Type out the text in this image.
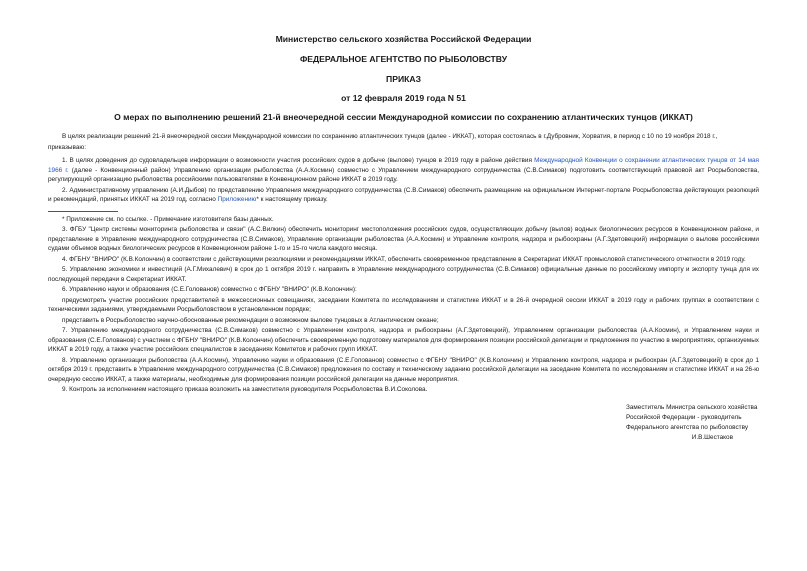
Министерство сельского хозяйства Российской Федерации
ФЕДЕРАЛЬНОЕ АГЕНТСТВО ПО РЫБОЛОВСТВУ
ПРИКАЗ
от 12 февраля 2019 года N 51
О мерах по выполнению решений 21-й внеочередной сессии Международной комиссии по сохранению атлантических тунцов (ИККАТ)

В целях реализации решений 21-й внеочередной сессии Международной комиссии по сохранению атлантических тунцов (далее - ИККАТ), которая состоялась в г.Дубровник, Хорватия, в период с 10 по 19 ноября 2018 г.,

приказываю:

1. В целях доведения до судовладельцев информации о возможности участия российских судов в добыче (вылове) тунцов в 2019 году в районе действия Международной Конвенции о сохранении атлантических тунцов от 14 мая 1966 г. (далее - Конвенционный район) Управлению организации рыболовства (А.А.Космин) совместно с Управлением международного сотрудничества (С.В.Симаков) подготовить соответствующий правовой акт Росрыболовства, регулирующий организацию рыболовства российскими пользователями в Конвенционном районе ИККАТ в 2019 году.

2. Административному управлению (А.И.Дыбов) по представлению Управления международного сотрудничества (С.В.Симаков) обеспечить размещение на официальном Интернет-портале Росрыболовства действующих резолюций и рекомендаций, принятых ИККАТ на 2019 год, согласно Приложению* к настоящему приказу.

* Приложение см. по ссылке. - Примечание изготовителя базы данных.

3. ФГБУ "Центр системы мониторинга рыболовства и связи" (А.С.Вилкин) обеспечить мониторинг местоположения российских судов, осуществляющих добычу (вылов) водных биологических ресурсов в Конвенционном районе, и представление в Управление международного сотрудничества (С.В.Симаков), Управление организации рыболовства (А.А.Космин) и Управление контроля, надзора и рыбоохраны (А.Г.Здетовецкий) информации о вылове российскими судами объемов водных биологических ресурсов в Конвенционном районе 1-го и 15-го числа каждого месяца.

4. ФГБНУ "ВНИРО" (К.В.Колончин) в соответствии с действующими резолюциями и рекомендациями ИККАТ, обеспечить своевременное представление в Секретариат ИККАТ промысловой статистического отчетности в 2019 году.

5. Управлению экономики и инвестиций (А.Г.Михалевич) в срок до 1 октября 2019 г. направить в Управление международного сотрудничества (С.В.Симаков) официальные данные по российскому импорту и экспорту тунца для их последующей передачи в Секретариат ИККАТ.

6. Управлению науки и образования (С.Е.Голованов) совместно с ФГБНУ "ВНИРО" (К.В.Колончин):

предусмотреть участие российских представителей в межсессионных совещаниях, заседании Комитета по исследованиям и статистике ИККАТ и в 26-й очередной сессии ИККАТ в 2019 году и рабочих группах в соответствии с техническими заданиями, утверждаемыми Росрыболовством в установленном порядке;

представить в Росрыболовство научно-обоснованные рекомендации о возможном вылове тунцовых в Атлантическом океане;

7. Управлению международного сотрудничества (С.В.Симаков) совместно с Управлением контроля, надзора и рыбоохраны (А.Г.Здетовецкий), Управлением организации рыболовства (А.А.Космин), и Управлением науки и образования (С.Е.Голованов) с участием с ФГБНУ "ВНИРО" (К.В.Колончин) обеспечить своевременную подготовку материалов для формирования позиции российской делегации и предложения по участию в мероприятиях, организуемых ИККАТ в 2019 году, а также участие российских специалистов в заседаниях Комитетов и рабочих групп ИККАТ.

8. Управлению организации рыболовства (А.А.Космин), Управлению науки и образования (С.Е.Голованов) совместно с ФГБНУ "ВНИРО" (К.В.Колончин) и Управлению контроля, надзора и рыбоохран (А.Г.Здетовецкий) в срок до 1 октября 2019 г. представить в Управление международного сотрудничества (С.В.Симаков) предложения по составу и техническому заданию российской делегации на заседание Комитета по исследованиям и статистике ИККАТ и на 26-ю очередную сессию ИККАТ, а также материалы, необходимые для формирования позиции российской делегации на данные мероприятия.

9. Контроль за исполнением настоящего приказа возложить на заместителя руководителя Росрыболовства В.И.Соколова.

Заместитель Министра сельского хозяйства
Российской Федерации - руководитель
Федерального агентства по рыболовству
И.В.Шестаков
